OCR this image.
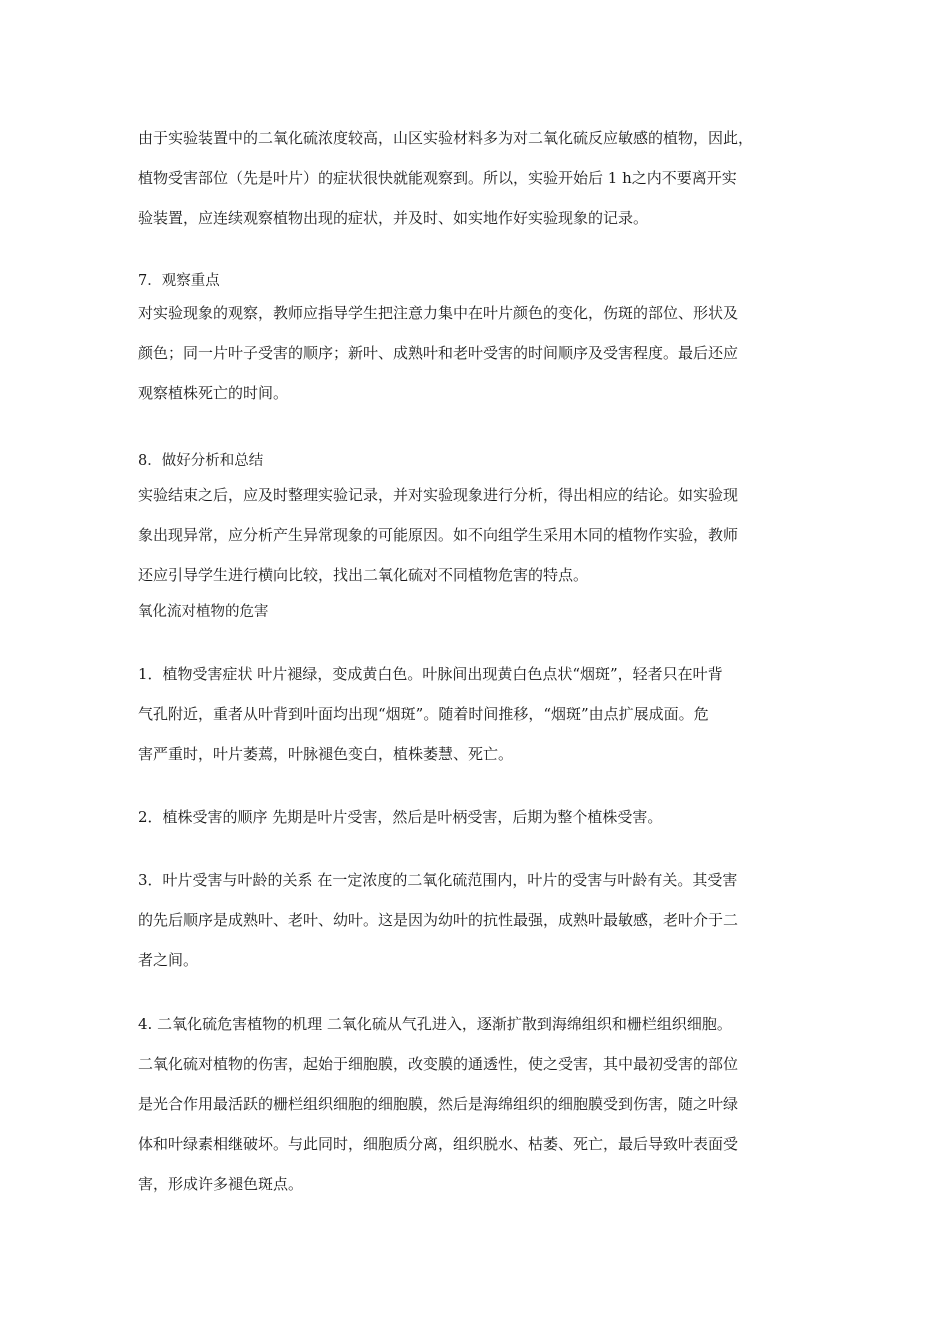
由于实验装置中的二氧化硫浓度较高，山区实验材料多为对二氧化硫反应敏感的植物，因此，
植物受害部位（先是叶片）的症状很快就能观察到。所以，实验开始后 1 h之内不要离开实
验装置，应连续观察植物出现的症状，并及时、如实地作好实验现象的记录。
7．观察重点
对实验现象的观察，教师应指导学生把注意力集中在叶片颜色的变化，伤斑的部位、形状及
颜色；同一片叶子受害的顺序；新叶、成熟叶和老叶受害的时间顺序及受害程度。最后还应
观察植株死亡的时间。
8．做好分析和总结
实验结束之后，应及时整理实验记录，并对实验现象进行分析，得出相应的结论。如实验现
象出现异常，应分析产生异常现象的可能原因。如不向组学生采用木同的植物作实验，教师
还应引导学生进行横向比较，找出二氧化硫对不同植物危害的特点。
氧化流对植物的危害
1．植物受害症状 叶片褪绿，变成黄白色。叶脉间出现黄白色点状“烟斑”，轻者只在叶背
气孔附近，重者从叶背到叶面均出现“烟斑”。随着时间推移，“烟斑”由点扩展成面。危
害严重时，叶片萎蔫，叶脉褪色变白，植株萎慧、死亡。
2．植株受害的顺序 先期是叶片受害，然后是叶柄受害，后期为整个植株受害。
3．叶片受害与叶龄的关系 在一定浓度的二氧化硫范围内，叶片的受害与叶龄有关。其受害
的先后顺序是成熟叶、老叶、幼叶。这是因为幼叶的抗性最强，成熟叶最敏感，老叶介于二
者之间。
4. 二氧化硫危害植物的机理 二氧化硫从气孔进入，逐渐扩散到海绵组织和栅栏组织细胞。
二氧化硫对植物的伤害，起始于细胞膜，改变膜的通透性，使之受害，其中最初受害的部位
是光合作用最活跃的栅栏组织细胞的细胞膜，然后是海绵组织的细胞膜受到伤害，随之叶绿
体和叶绿素相继破坏。与此同时，细胞质分离，组织脱水、枯萎、死亡，最后导致叶表面受
害，形成许多褪色斑点。
